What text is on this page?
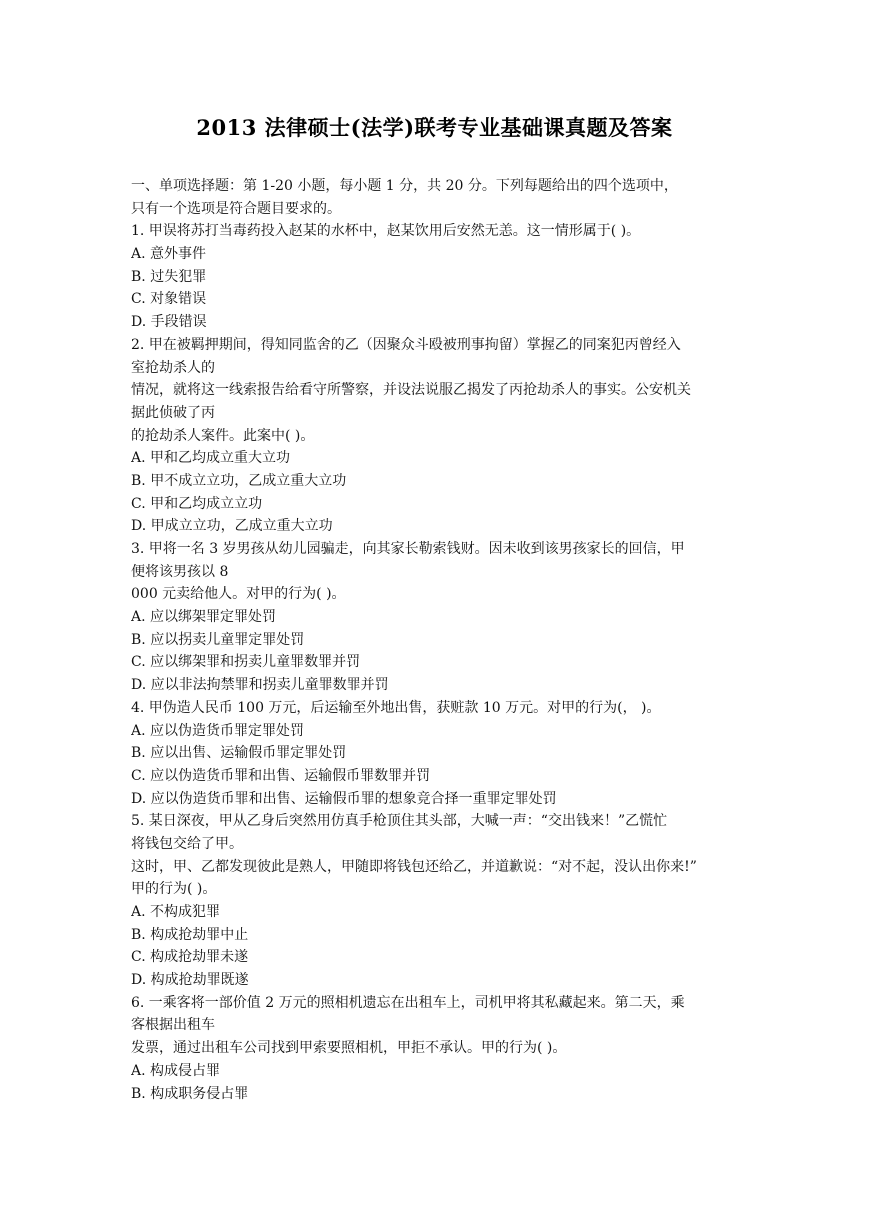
2013 法律硕士(法学)联考专业基础课真题及答案
一、单项选择题：第 1-20 小题，每小题 1 分，共 20 分。下列每题给出的四个选项中，
只有一个选项是符合题目要求的。
1. 甲误将苏打当毒药投入赵某的水杯中，赵某饮用后安然无恙。这一情形属于( )。
A. 意外事件
B. 过失犯罪
C. 对象错误
D. 手段错误
2. 甲在被羁押期间，得知同监舍的乙（因聚众斗殴被刑事拘留）掌握乙的同案犯丙曾经入
室抢劫杀人的
情况，就将这一线索报告给看守所警察，并设法说服乙揭发了丙抢劫杀人的事实。公安机关
据此侦破了丙
的抢劫杀人案件。此案中( )。
A. 甲和乙均成立重大立功
B. 甲不成立立功，乙成立重大立功
C. 甲和乙均成立立功
D. 甲成立立功，乙成立重大立功
3. 甲将一名 3 岁男孩从幼儿园骗走，向其家长勒索钱财。因未收到该男孩家长的回信，甲
便将该男孩以 8
000 元卖给他人。对甲的行为( )。
A. 应以绑架罪定罪处罚
B. 应以拐卖儿童罪定罪处罚
C. 应以绑架罪和拐卖儿童罪数罪并罚
D. 应以非法拘禁罪和拐卖儿童罪数罪并罚
4. 甲伪造人民币 100 万元，后运输至外地出售，获赃款 10 万元。对甲的行为(， )。
A. 应以伪造货币罪定罪处罚
B. 应以出售、运输假币罪定罪处罚
C. 应以伪造货币罪和出售、运输假币罪数罪并罚
D. 应以伪造货币罪和出售、运输假币罪的想象竞合择一重罪定罪处罚
5. 某日深夜，甲从乙身后突然用仿真手枪顶住其头部，大喊一声：“交出钱来！”乙慌忙
将钱包交给了甲。
这时，甲、乙都发现彼此是熟人，甲随即将钱包还给乙，并道歉说：“对不起，没认出你来!”
甲的行为( )。
A. 不构成犯罪
B. 构成抢劫罪中止
C. 构成抢劫罪未遂
D. 构成抢劫罪既遂
6. 一乘客将一部价值 2 万元的照相机遗忘在出租车上，司机甲将其私藏起来。第二天，乘
客根据出租车
发票，通过出租车公司找到甲索要照相机，甲拒不承认。甲的行为( )。
A. 构成侵占罪
B. 构成职务侵占罪
